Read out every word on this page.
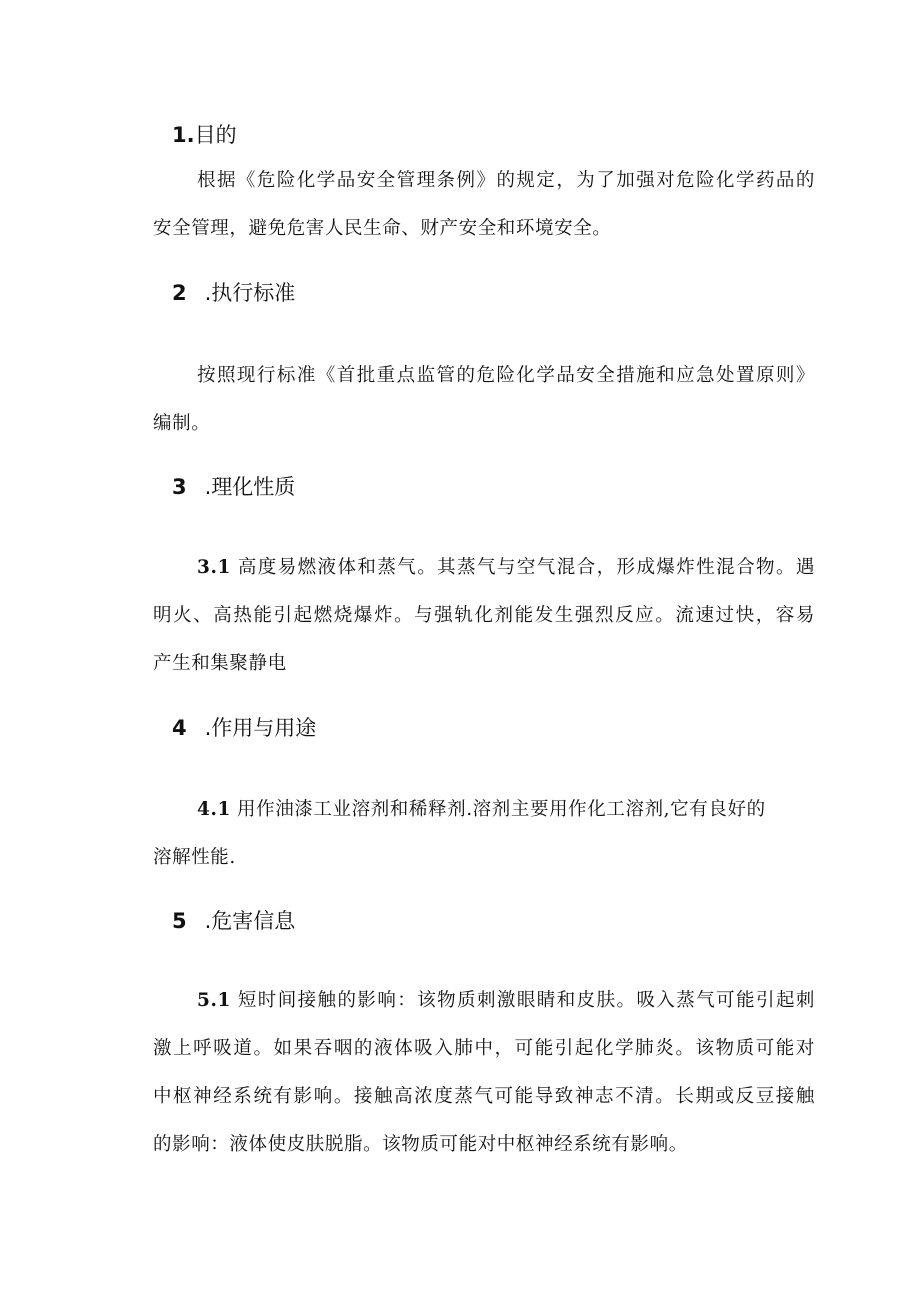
1.目的
根据《危险化学品安全管理条例》的规定，为了加强对危险化学药品的
安全管理，避免危害人民生命、财产安全和环境安全。
2 .执行标准
按照现行标准《首批重点监管的危险化学品安全措施和应急处置原则》
编制。
3 .理化性质
3.1 高度易燃液体和蒸气。其蒸气与空气混合，形成爆炸性混合物。遇
明火、高热能引起燃烧爆炸。与强轨化剂能发生强烈反应。流速过快，容易
产生和集聚静电
4 .作用与用途
4.1 用作油漆工业溶剂和稀释剂.溶剂主要用作化工溶剂,它有良好的
溶解性能.
5 .危害信息
5.1 短时间接触的影响：该物质刺激眼睛和皮肤。吸入蒸气可能引起刺
激上呼吸道。如果吞咽的液体吸入肺中，可能引起化学肺炎。该物质可能对
中枢神经系统有影响。接触高浓度蒸气可能导致神志不清。长期或反豆接触
的影响：液体使皮肤脱脂。该物质可能对中枢神经系统有影响。
